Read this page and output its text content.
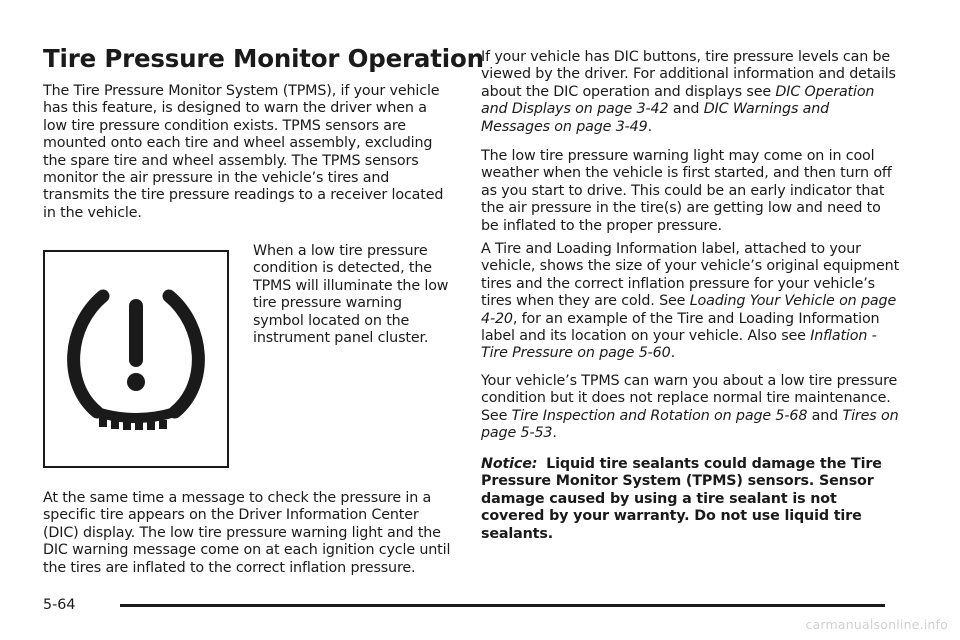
Tire Pressure Monitor Operation

The Tire Pressure Monitor System (TPMS), if your vehicle has this feature, is designed to warn the driver when a low tire pressure condition exists. TPMS sensors are mounted onto each tire and wheel assembly, excluding the spare tire and wheel assembly. The TPMS sensors monitor the air pressure in the vehicle’s tires and transmits the tire pressure readings to a receiver located in the vehicle.

When a low tire pressure condition is detected, the TPMS will illuminate the low tire pressure warning symbol located on the instrument panel cluster.

At the same time a message to check the pressure in a specific tire appears on the Driver Information Center (DIC) display. The low tire pressure warning light and the DIC warning message come on at each ignition cycle until the tires are inflated to the correct inflation pressure.

If your vehicle has DIC buttons, tire pressure levels can be viewed by the driver. For additional information and details about the DIC operation and displays see DIC Operation and Displays on page 3-42 and DIC Warnings and Messages on page 3-49.

The low tire pressure warning light may come on in cool weather when the vehicle is first started, and then turn off as you start to drive. This could be an early indicator that the air pressure in the tire(s) are getting low and need to be inflated to the proper pressure.

A Tire and Loading Information label, attached to your vehicle, shows the size of your vehicle’s original equipment tires and the correct inflation pressure for your vehicle’s tires when they are cold. See Loading Your Vehicle on page 4-20, for an example of the Tire and Loading Information label and its location on your vehicle. Also see Inflation - Tire Pressure on page 5-60.

Your vehicle’s TPMS can warn you about a low tire pressure condition but it does not replace normal tire maintenance. See Tire Inspection and Rotation on page 5-68 and Tires on page 5-53.

Notice: Liquid tire sealants could damage the Tire Pressure Monitor System (TPMS) sensors. Sensor damage caused by using a tire sealant is not covered by your warranty. Do not use liquid tire sealants.

5-64
carmanualsonline.info
